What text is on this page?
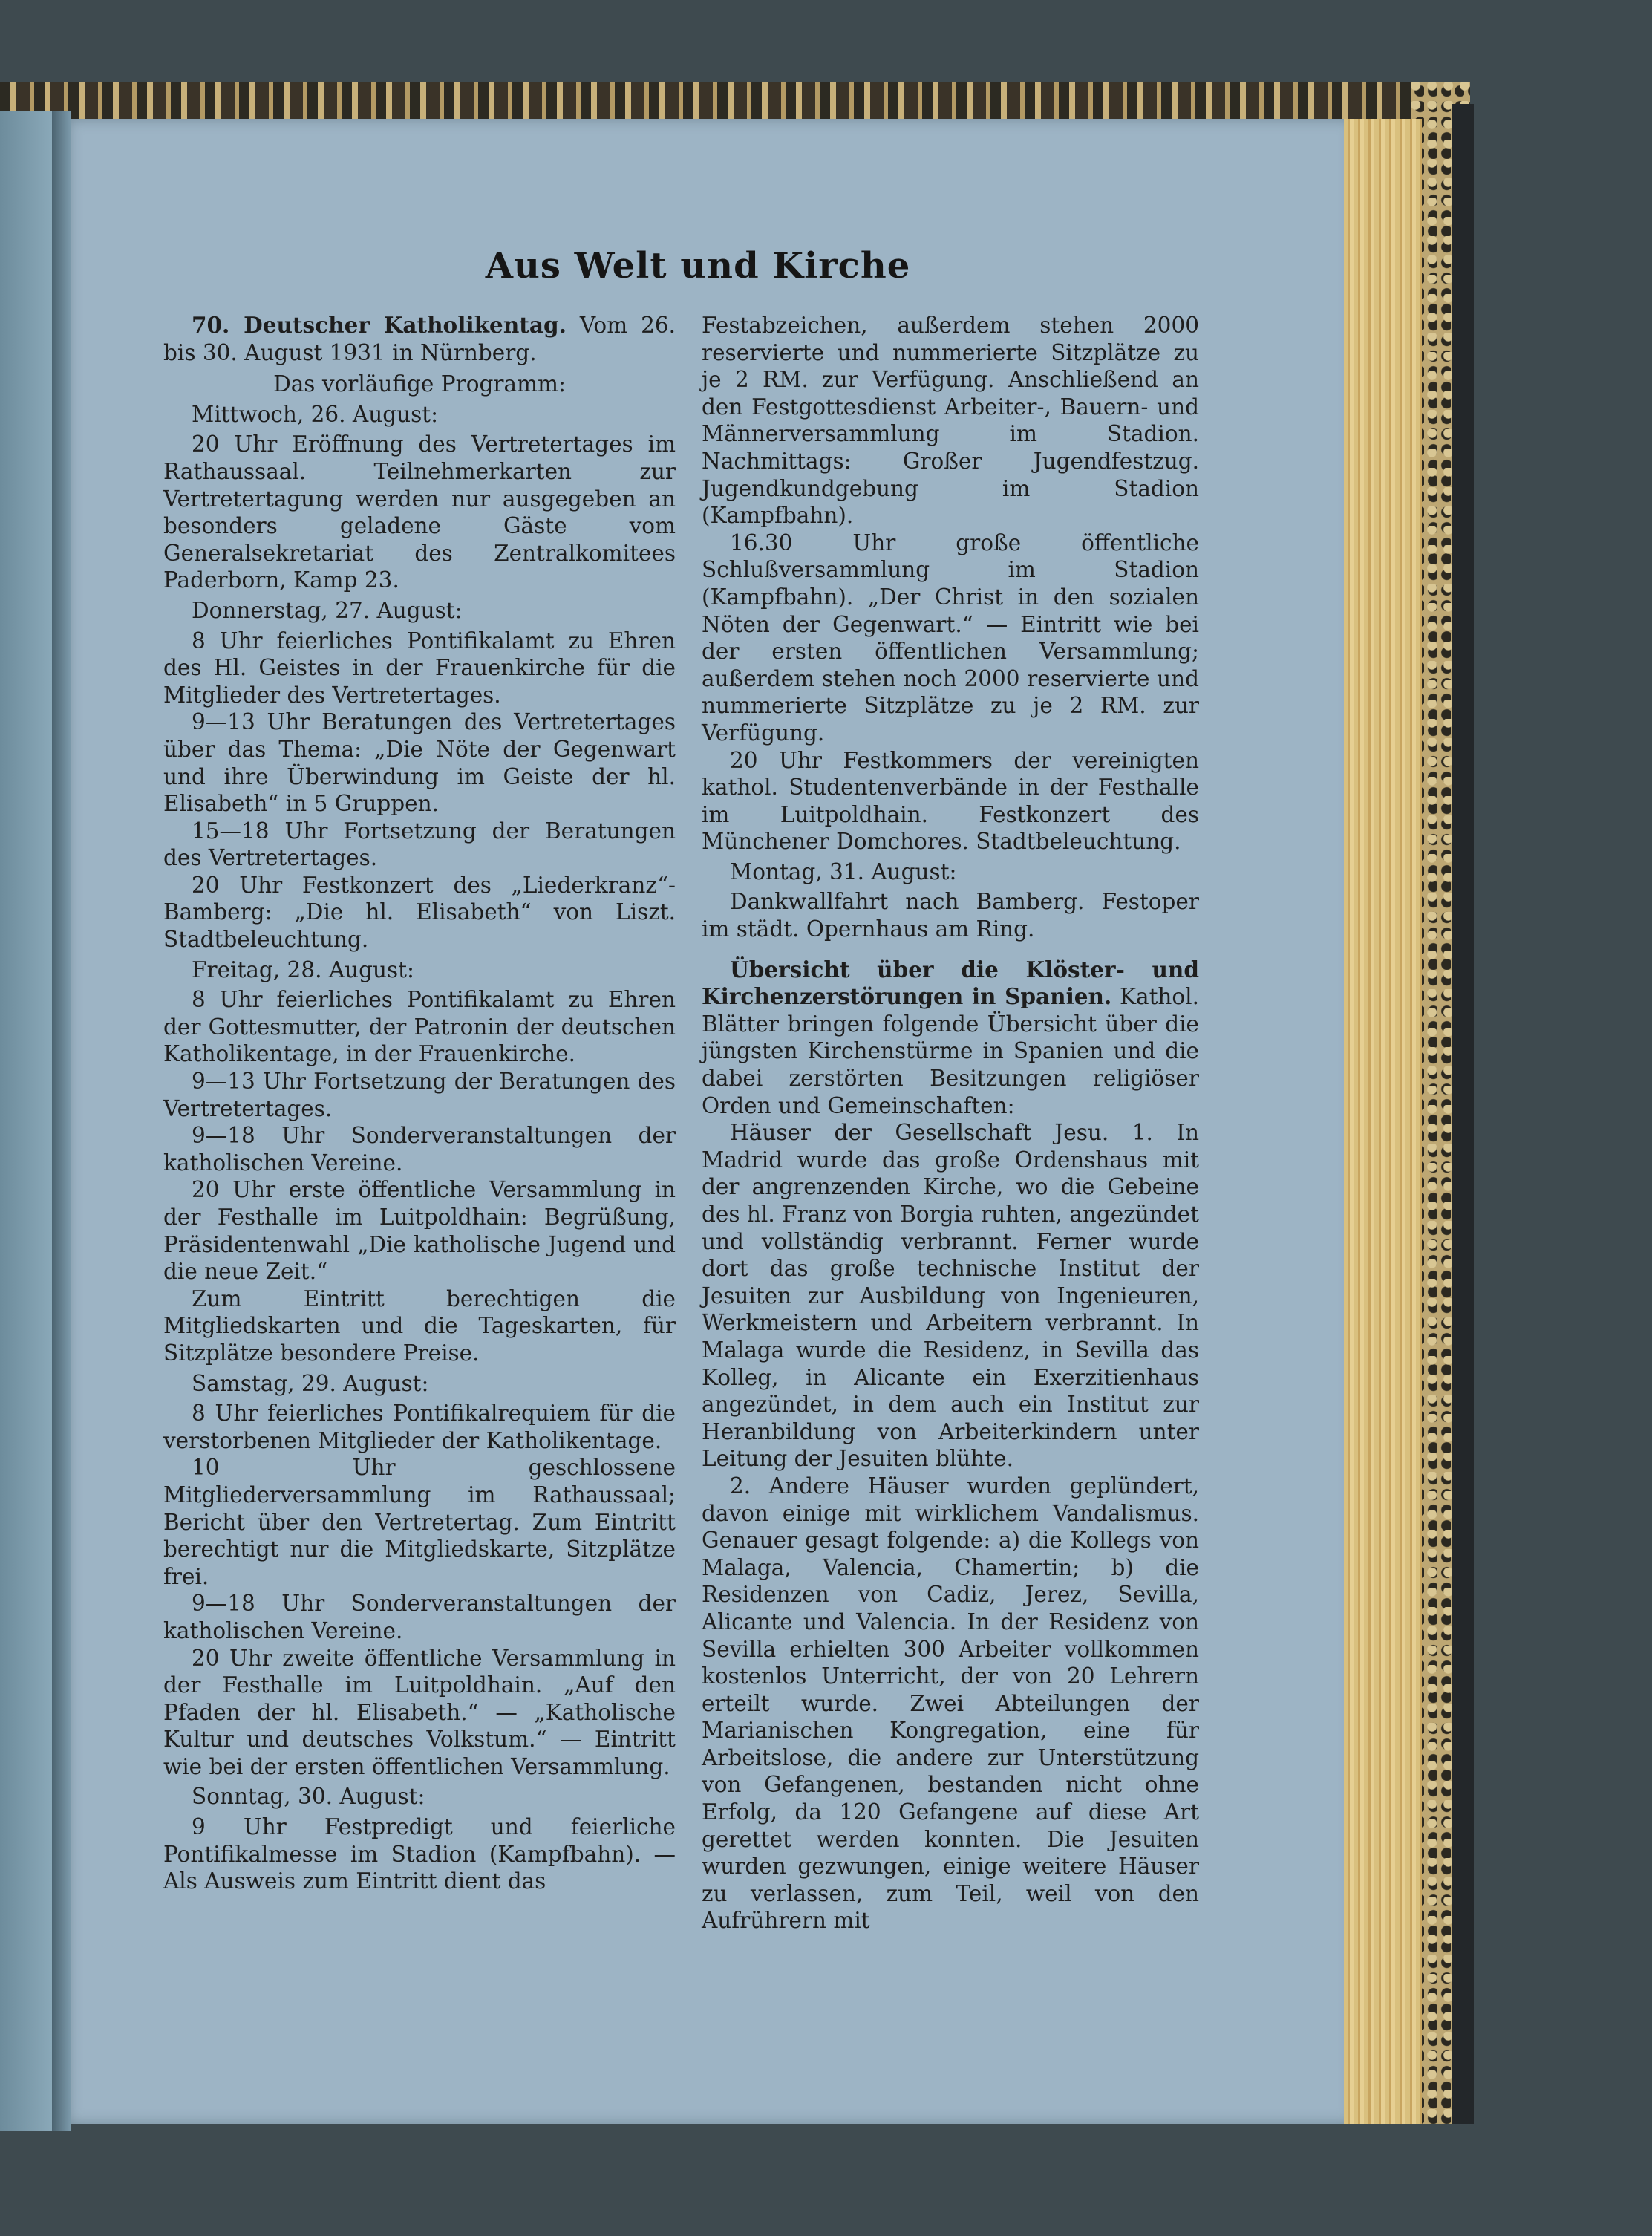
Aus Welt und Kirche

70. Deutscher Katholikentag. Vom 26. bis 30. August 1931 in Nürnberg.

Das vorläufige Programm:

Mittwoch, 26. August:

20 Uhr Eröffnung des Vertretertages im Rathaussaal. Teilnehmerkarten zur Vertretertagung werden nur ausgegeben an besonders geladene Gäste vom Generalsekretariat des Zentralkomitees Paderborn, Kamp 23.

Donnerstag, 27. August:

8 Uhr feierliches Pontifikalamt zu Ehren des Hl. Geistes in der Frauenkirche für die Mitglieder des Vertretertages.

9—13 Uhr Beratungen des Vertretertages über das Thema: „Die Nöte der Gegenwart und ihre Überwindung im Geiste der hl. Elisabeth“ in 5 Gruppen.

15—18 Uhr Fortsetzung der Beratungen des Vertretertages.

20 Uhr Festkonzert des „Liederkranz“-Bamberg: „Die hl. Elisabeth“ von Liszt. Stadtbeleuchtung.

Freitag, 28. August:

8 Uhr feierliches Pontifikalamt zu Ehren der Gottesmutter, der Patronin der deutschen Katholikentage, in der Frauenkirche.

9—13 Uhr Fortsetzung der Beratungen des Vertretertages.

9—18 Uhr Sonderveranstaltungen der katholischen Vereine.

20 Uhr erste öffentliche Versammlung in der Festhalle im Luitpoldhain: Begrüßung, Präsidentenwahl „Die katholische Jugend und die neue Zeit.“

Zum Eintritt berechtigen die Mitgliedskarten und die Tageskarten, für Sitzplätze besondere Preise.

Samstag, 29. August:

8 Uhr feierliches Pontifikalrequiem für die verstorbenen Mitglieder der Katholikentage.

10 Uhr geschlossene Mitgliederversammlung im Rathaussaal; Bericht über den Vertretertag. Zum Eintritt berechtigt nur die Mitgliedskarte, Sitzplätze frei.

9—18 Uhr Sonderveranstaltungen der katholischen Vereine.

20 Uhr zweite öffentliche Versammlung in der Festhalle im Luitpoldhain. „Auf den Pfaden der hl. Elisabeth.“ — „Katholische Kultur und deutsches Volkstum.“ — Eintritt wie bei der ersten öffentlichen Versammlung.

Sonntag, 30. August:

9 Uhr Festpredigt und feierliche Pontifikalmesse im Stadion (Kampfbahn). — Als Ausweis zum Eintritt dient das

Festabzeichen, außerdem stehen 2000 reservierte und nummerierte Sitzplätze zu je 2 RM. zur Verfügung. Anschließend an den Festgottesdienst Arbeiter-, Bauern- und Männerversammlung im Stadion. Nachmittags: Großer Jugendfestzug. Jugendkundgebung im Stadion (Kampfbahn).

16.30 Uhr große öffentliche Schlußversammlung im Stadion (Kampfbahn). „Der Christ in den sozialen Nöten der Gegenwart.“ — Eintritt wie bei der ersten öffentlichen Versammlung; außerdem stehen noch 2000 reservierte und nummerierte Sitzplätze zu je 2 RM. zur Verfügung.

20 Uhr Festkommers der vereinigten kathol. Studentenverbände in der Festhalle im Luitpoldhain. Festkonzert des Münchener Domchores. Stadtbeleuchtung.

Montag, 31. August:

Dankwallfahrt nach Bamberg. Festoper im städt. Opernhaus am Ring.

Übersicht über die Klöster- und Kirchenzerstörungen in Spanien. Kathol. Blätter bringen folgende Übersicht über die jüngsten Kirchenstürme in Spanien und die dabei zerstörten Besitzungen religiöser Orden und Gemeinschaften:

Häuser der Gesellschaft Jesu. 1. In Madrid wurde das große Ordenshaus mit der angrenzenden Kirche, wo die Gebeine des hl. Franz von Borgia ruhten, angezündet und vollständig verbrannt. Ferner wurde dort das große technische Institut der Jesuiten zur Ausbildung von Ingenieuren, Werkmeistern und Arbeitern verbrannt. In Malaga wurde die Residenz, in Sevilla das Kolleg, in Alicante ein Exerzitienhaus angezündet, in dem auch ein Institut zur Heranbildung von Arbeiterkindern unter Leitung der Jesuiten blühte.

2. Andere Häuser wurden geplündert, davon einige mit wirklichem Vandalismus. Genauer gesagt folgende: a) die Kollegs von Malaga, Valencia, Chamertin; b) die Residenzen von Cadiz, Jerez, Sevilla, Alicante und Valencia. In der Residenz von Sevilla erhielten 300 Arbeiter vollkommen kostenlos Unterricht, der von 20 Lehrern erteilt wurde. Zwei Abteilungen der Marianischen Kongregation, eine für Arbeitslose, die andere zur Unterstützung von Gefangenen, bestanden nicht ohne Erfolg, da 120 Gefangene auf diese Art gerettet werden konnten. Die Jesuiten wurden gezwungen, einige weitere Häuser zu verlassen, zum Teil, weil von den Aufrührern mit
